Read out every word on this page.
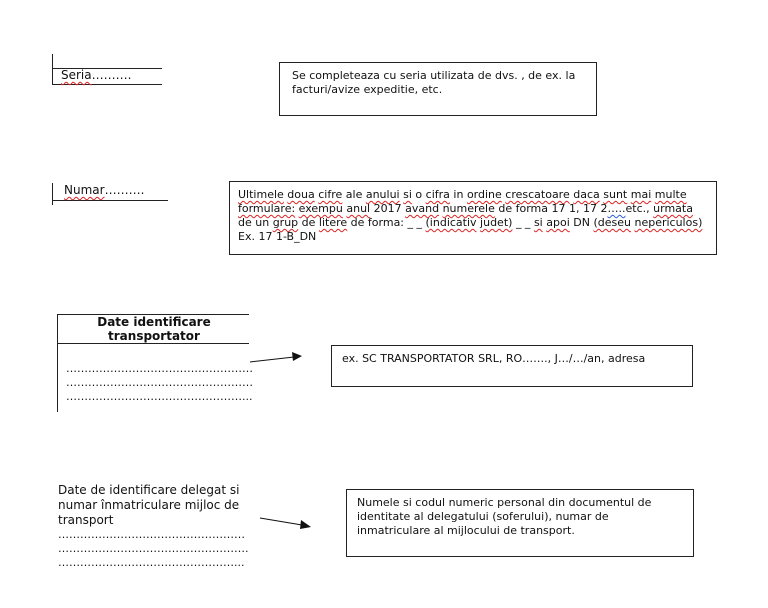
Seria……….	Se completeaza cu seria utilizata de dvs. , de ex. la facturi/avize expeditie, etc.
Numar……….	Ultimele doua cifre ale anului si o cifra in ordine crescatoare daca sunt mai multe formulare: exempu anul 2017 avand numerele de forma 17 1, 17 2…..etc., urmata de un grup de litere de forma: _ _ (indicativ judet) _ _ si apoi DN (deseu nepericulos)  Ex. 17 1-B_DN
Date identificare transportator
……………………………………………
……………………………………………
…………………………………………...
ex. SC TRANSPORTATOR SRL, RO……., J…/…/an, adresa
Date de identificare delegat si numar înmatriculare mijloc de transport
……………………………………………
…………………………………………….
…………………………………………...
Numele si codul numeric personal din documentul de identitate al delegatului (soferului), numar de inmatriculare al mijlocului de transport.
